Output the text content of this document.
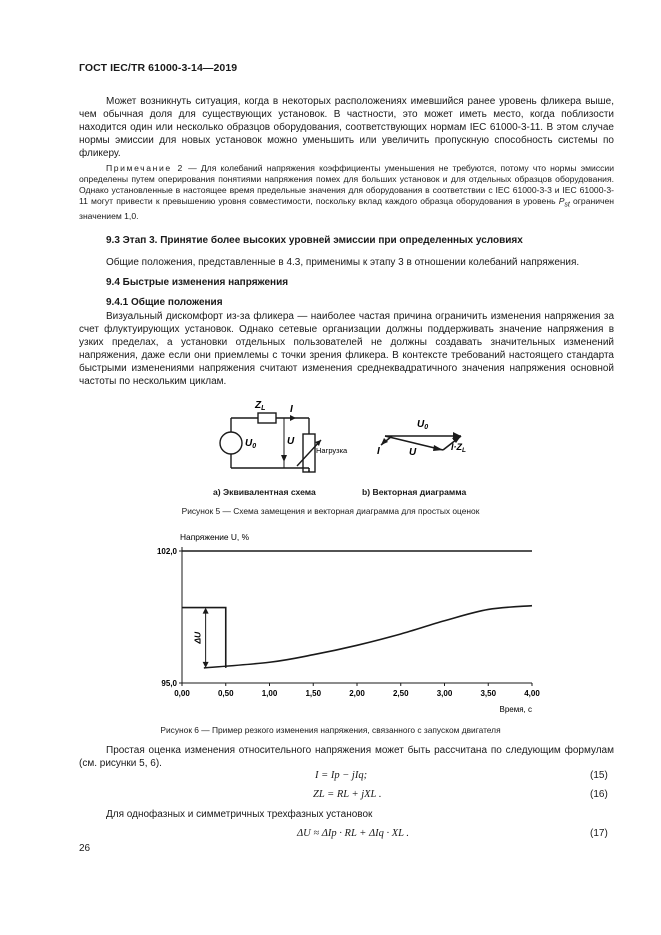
ГОСТ IEC/TR 61000-3-14—2019
Может возникнуть ситуация, когда в некоторых расположениях имевшийся ранее уровень фликера выше, чем обычная доля для существующих установок. В частности, это может иметь место, когда поблизости находится один или несколько образцов оборудования, соответствующих нормам IEC 61000-3-11. В этом случае нормы эмиссии для новых установок можно уменьшить или увеличить пропускную способность системы по фликеру.
Примечание 2 — Для колебаний напряжения коэффициенты уменьшения не требуются, потому что нормы эмиссии определены путем оперирования понятиями напряжения помех для больших установок и для отдельных образцов оборудования. Однако установленные в настоящее время предельные значения для оборудования в соответствии с IEC 61000-3-3 и IEC 61000-3-11 могут привести к превышению уровня совместимости, поскольку вклад каждого образца оборудования в уровень $P_{st}$ ограничен значением 1,0.
9.3 Этап 3. Принятие более высоких уровней эмиссии при определенных условиях
Общие положения, представленные в 4.3, применимы к этапу 3 в отношении колебаний напряжения.
9.4 Быстрые изменения напряжения
9.4.1 Общие положения
Визуальный дискомфорт из-за фликера — наиболее частая причина ограничить изменения напряжения за счет флуктуирующих установок. Однако сетевые организации должны поддерживать значение напряжения в узких пределах, а установки отдельных пользователей не должны создавать значительных изменений напряжения, даже если они приемлемы с точки зрения фликера. В контексте требований настоящего стандарта быстрыми изменениями напряжения считают изменения среднеквадратичного значения напряжения основной частоты по нескольким циклам.
$Z_L$ I
$U_0$	U
Нагрузка
$U_0$
I	U	$I\cdot Z_L$
a) Эквивалентная схема	b) Векторная диаграмма
Рисунок 5 — Схема замещения и векторная диаграмма для простых оценок
Напряжение U, %
Время, с
0,00	0,50	1,00	1,50	2,00	2,50	3,00	3,50	4,00
95,0
102,0
ΔU
Рисунок 6 — Пример резкого изменения напряжения, связанного с запуском двигателя
Простая оценка изменения относительного напряжения может быть рассчитана по следующим формулам (см. рисунки 5, 6).
I = Ip − jIq;	(15)
ZL = RL + jXL .	(16)
Для однофазных и симметричных трехфазных установок
ΔU ≈ ΔIp · RL + ΔIq · XL .	(17)
26
